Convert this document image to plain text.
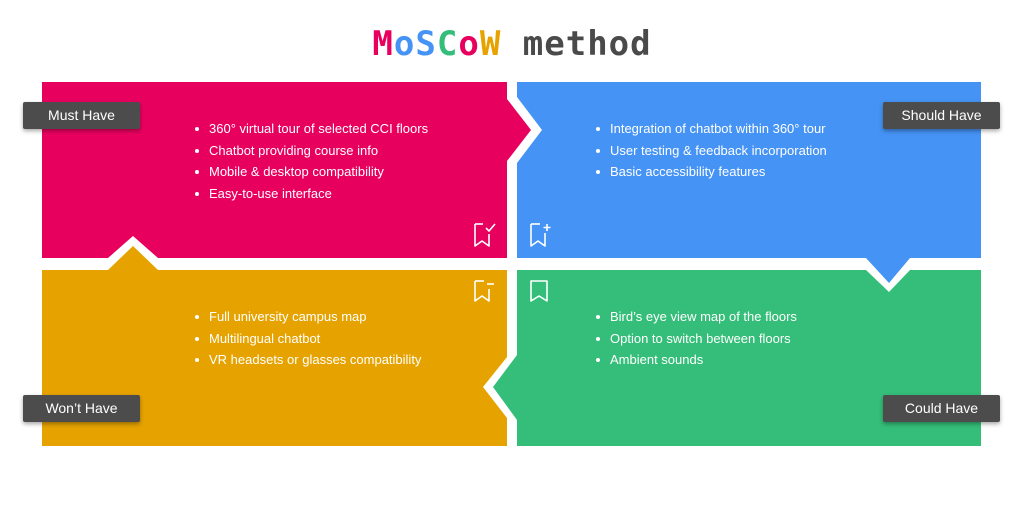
MoSCoW method
Must Have	Should Have
Won’t Have	Could Have
360° virtual tour of selected CCI floors
Chatbot providing course info
Mobile & desktop compatibility
Easy-to-use interface
Integration of chatbot within 360° tour
User testing & feedback incorporation
Basic accessibility features
Full university campus map
Multilingual chatbot
VR headsets or glasses compatibility
Bird’s eye view map of the floors
Option to switch between floors
Ambient sounds
